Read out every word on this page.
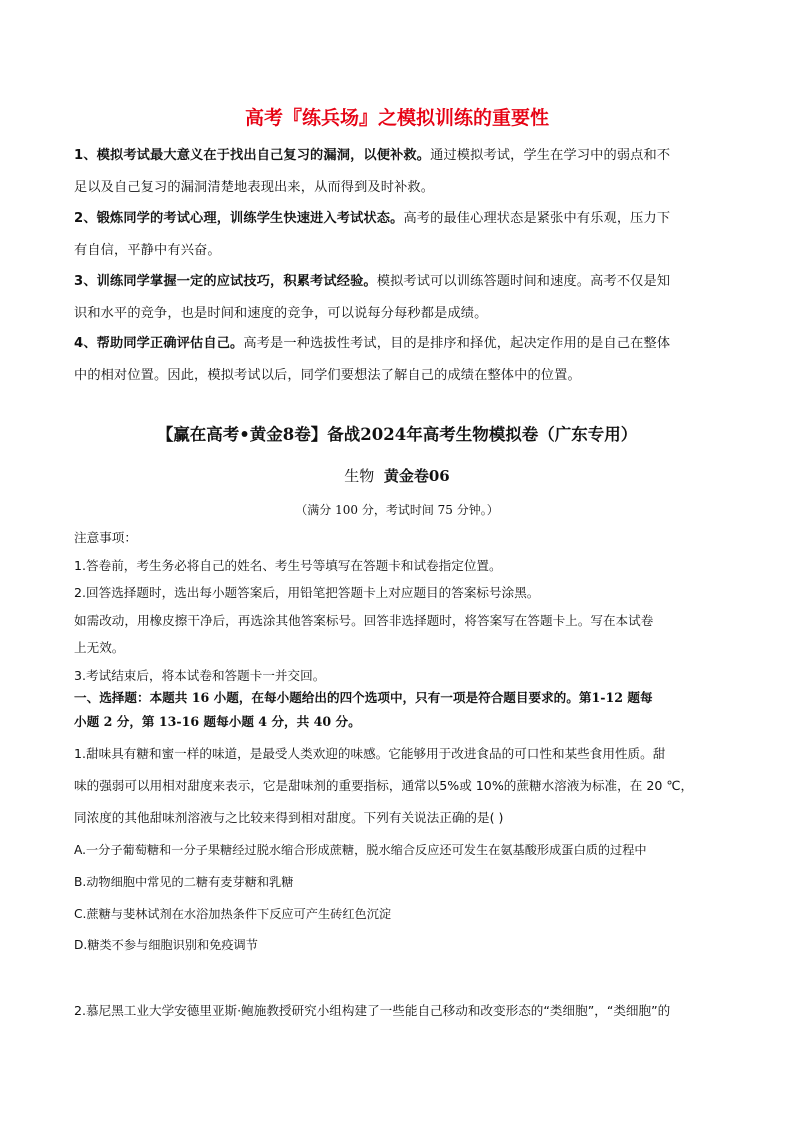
高考『练兵场』之模拟训练的重要性
1、模拟考试最大意义在于找出自己复习的漏洞，以便补救。通过模拟考试，学生在学习中的弱点和不
足以及自己复习的漏洞清楚地表现出来，从而得到及时补救。
2、锻炼同学的考试心理，训练学生快速进入考试状态。高考的最佳心理状态是紧张中有乐观，压力下
有自信，平静中有兴奋。
3、训练同学掌握一定的应试技巧，积累考试经验。模拟考试可以训练答题时间和速度。高考不仅是知
识和水平的竞争，也是时间和速度的竞争，可以说每分每秒都是成绩。
4、帮助同学正确评估自己。高考是一种选拔性考试，目的是排序和择优，起决定作用的是自己在整体
中的相对位置。因此，模拟考试以后，同学们要想法了解自己的成绩在整体中的位置。
【赢在高考•黄金8卷】备战2024年高考生物模拟卷（广东专用）
生物 黄金卷06
（满分 100 分，考试时间 75 分钟。）
注意事项：
1.答卷前，考生务必将自己的姓名、考生号等填写在答题卡和试卷指定位置。
2.回答选择题时，选出每小题答案后，用铅笔把答题卡上对应题目的答案标号涂黑。
如需改动，用橡皮擦干净后，再选涂其他答案标号。回答非选择题时，将答案写在答题卡上。写在本试卷
上无效。
3.考试结束后，将本试卷和答题卡一并交回。
一、选择题：本题共 16 小题，在每小题给出的四个选项中，只有一项是符合题目要求的。第1-12 题每
小题 2 分，第 13-16 题每小题 4 分，共 40 分。
1.甜味具有糖和蜜一样的味道，是最受人类欢迎的味感。它能够用于改进食品的可口性和某些食用性质。甜
味的强弱可以用相对甜度来表示，它是甜味剂的重要指标，通常以5%或 10%的蔗糖水溶液为标准，在 20 ℃，
同浓度的其他甜味剂溶液与之比较来得到相对甜度。下列有关说法正确的是( )
A.一分子葡萄糖和一分子果糖经过脱水缩合形成蔗糖，脱水缩合反应还可发生在氨基酸形成蛋白质的过程中
B.动物细胞中常见的二糖有麦芽糖和乳糖
C.蔗糖与斐林试剂在水浴加热条件下反应可产生砖红色沉淀
D.糖类不参与细胞识别和免疫调节
2.慕尼黑工业大学安德里亚斯·鲍施教授研究小组构建了一些能自己移动和改变形态的“类细胞”，“类细胞”的
